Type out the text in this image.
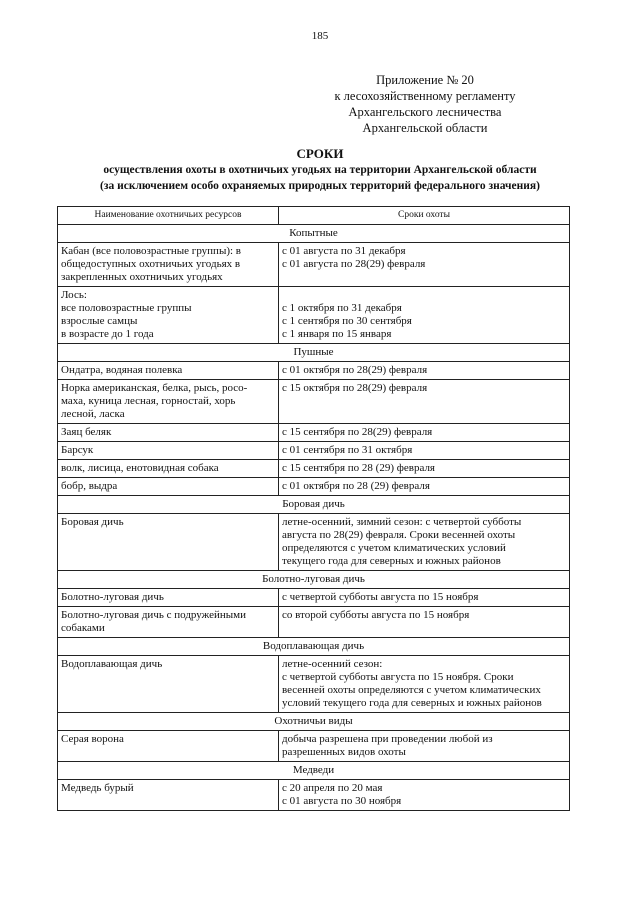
185
Приложение № 20
к лесохозяйственному регламенту
Архангельского лесничества
Архангельской области
СРОКИ
осуществления охоты в охотничьих угодьях на территории Архангельской области
(за исключением особо охраняемых природных территорий федерального значения)
Наименование охотничьих ресурсов	Сроки охоты
Копытные	

Кабан (все половозрастные группы): в
общедоступных охотничьих угодьях в
закрепленных охотничьих угодьях	с 01 августа по 31 декабря
с 01 августа по 28(29) февраля

Лось:
все половозрастные группы
взрослые самцы
в возрасте до 1 года	с 1 октября по 31 декабря
с 1 сентября по 30 сентября
с 1 января по 15 января

Пушные	
Ондатра, водяная полевка	с 01 октября по 28(29) февраля

Норка американская, белка, рысь, росо-
маха, куница лесная, горностай, хорь
лесной, ласка	с 15 октября по 28(29) февраля
Заяц беляк	с 15 сентября по 28(29) февраля
Барсук	с 01 сентября по 31 октября
волк, лисица, енотовидная собака	с 15 сентября по 28 (29) февраля
бобр, выдра	с 01 октября по 28 (29) февраля
Боровая дичь	
Боровая дичь	летне-осенний, зимний сезон: с четвертой субботы
августа по 28(29) февраля. Сроки весенней охоты
определяются с учетом климатических условий
текущего года для северных и южных районов

Болотно-луговая дичь	
Болотно-луговая дичь	с четвертой субботы августа по 15 ноября

Болотно-луговая дичь с подружейными
собаками	со второй субботы августа по 15 ноября
Водоплавающая дичь	
Водоплавающая дичь	летне-осенний сезон:
с четвертой субботы августа по 15 ноября. Сроки
весенней охоты определяются с учетом климатических
условий текущего года для северных и южных районов

Охотничьи виды	
Серая ворона	добыча разрешена при проведении любой из
разрешенных видов охоты

Медведи	
Медведь бурый	с 20 апреля по 20 мая
с 01 августа по 30 ноября
